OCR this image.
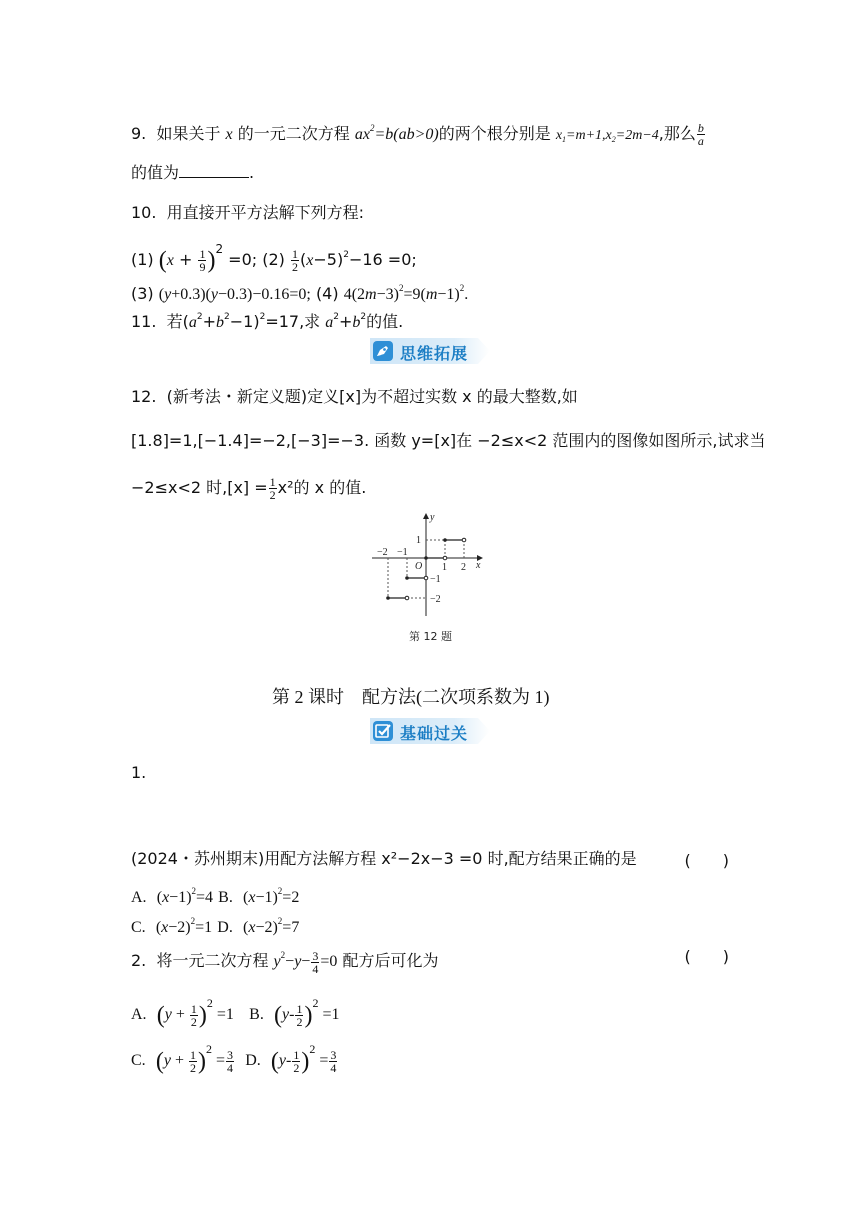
9. 如果关于 x 的一元二次方程 $ax^2=b(ab>0)$的两个根分别是 $x_1=m+1,x_2=2m-4$,那么 $\frac{b}{a}$
的值为	.
10. 用直接开平方法解下列方程:
(1) $(x + \frac{1}{9} )^2 =0$; $(2) \frac{1}{2} (x-5)^2-16 =0$;
(3) (y+0.3)(y−0.3)−0.16=0; (4) $4(2m-3)^2=9(m-1)^2$.
11. 若$(a^2+b^2-1)^2=17$,求 $a^2+b^2$的值.
思维拓展
12. (新考法・新定义题)定义[x]为不超过实数 x 的最大整数,如
[1.8]=1,[−1.4]=−2,[−3]=−3. 函数 y=[x]在 −2≤x<2 范围内的图像如图所示,试求当
−2≤x<2 时$,[x] = \frac{1}{2} x^2$的 x 的值.
x
y
O
−2 −1
1 2
1
−1
−2
第 12 题
第 2 课时　配方法(二次项系数为 1)
基础过关
1.
(2024・苏州期末)用配方法解方程 x²−2x−3 =0 时,配方结果正确的是	(　　)
A. $(x-1)^2=4$ B. $(x-1)^2=2$
C. $(x-2)^2=1$ D. $(x-2)^2=7$
2. 将一元二次方程 $y^2-y- \frac{3}{4} =0$ 配方后可化为	(　　)
A. $(y + \frac{1}{2} )^2 =1$ B. $(y- \frac{1}{2} )^2 =1$
C. $(y + \frac{1}{2} )^2 = \frac{3}{4} D$. $(y- \frac{1}{2} )^2 = \frac{3}{4}$
